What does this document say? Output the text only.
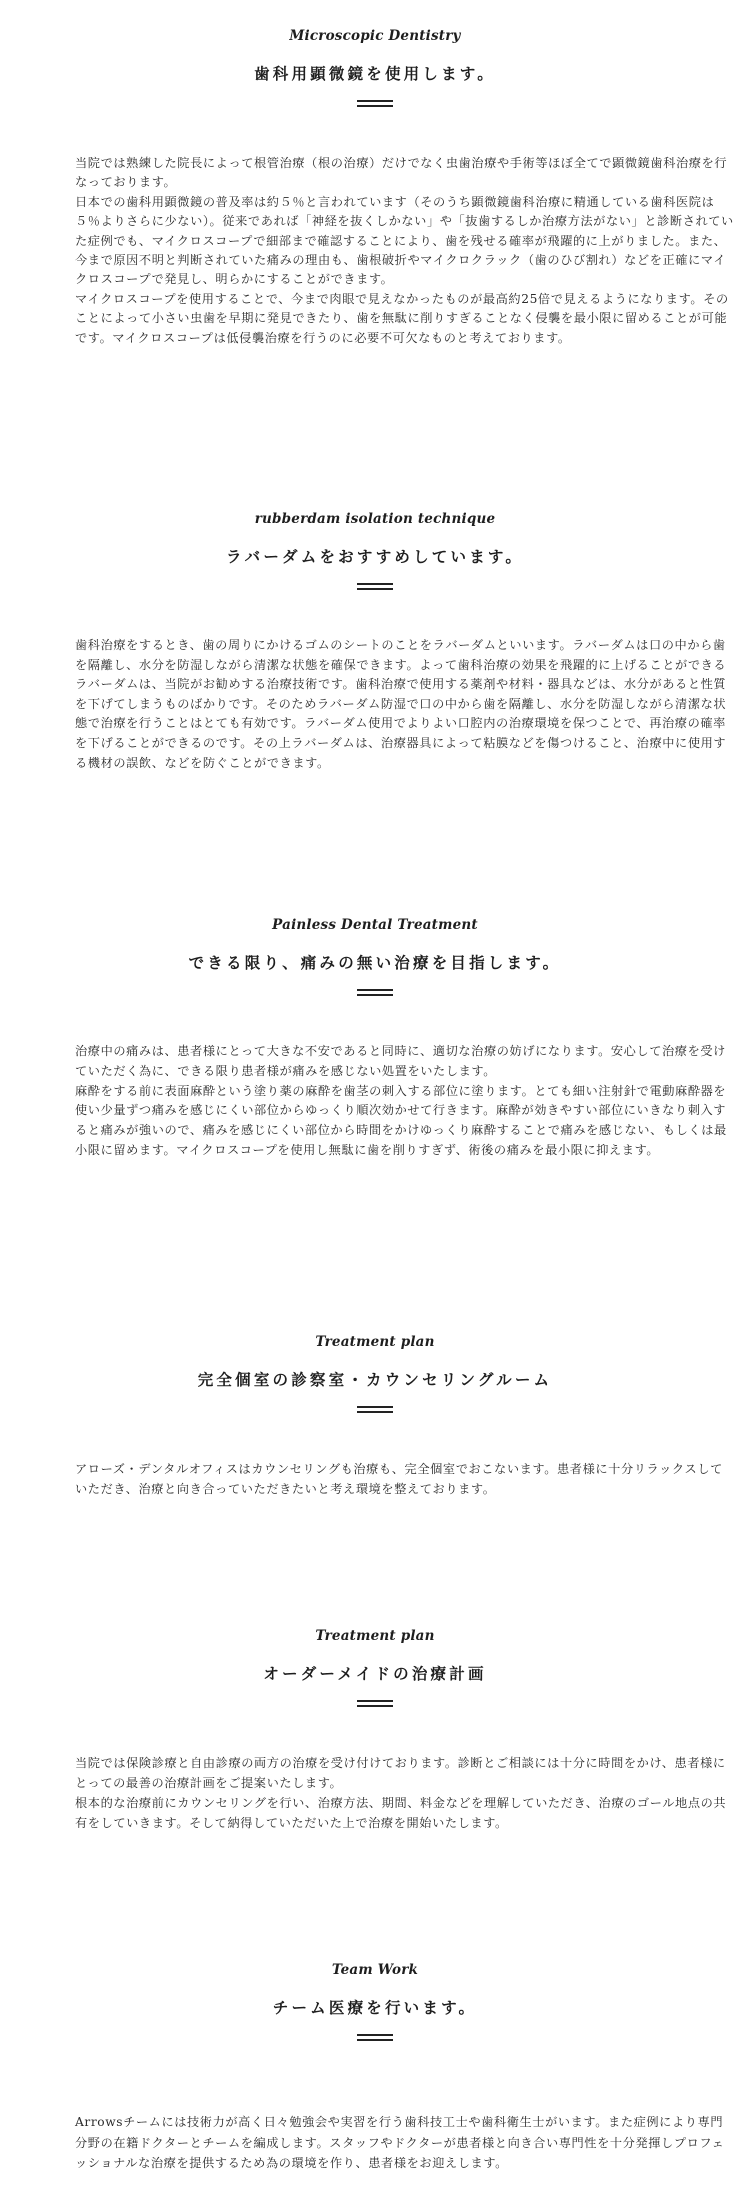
Microscopic Dentistry
歯科用顕微鏡を使用します。

当院では熟練した院長によって根管治療（根の治療）だけでなく虫歯治療や手術等ほぼ全てで顕微鏡歯科治療を行なっております。

日本での歯科用顕微鏡の普及率は約５％と言われています（そのうち顕微鏡歯科治療に精通している歯科医院は５％よりさらに少ない）。従来であれば「神経を抜くしかない」や「抜歯するしか治療方法がない」と診断されていた症例でも、マイクロスコープで細部まで確認することにより、歯を残せる確率が飛躍的に上がりました。また、今まで原因不明と判断されていた痛みの理由も、歯根破折やマイクロクラック（歯のひび割れ）などを正確にマイクロスコープで発見し、明らかにすることができます。

マイクロスコープを使用することで、今まで肉眼で見えなかったものが最高約25倍で見えるようになります。そのことによって小さい虫歯を早期に発見できたり、歯を無駄に削りすぎることなく侵襲を最小限に留めることが可能です。マイクロスコープは低侵襲治療を行うのに必要不可欠なものと考えております。

rubberdam isolation technique
ラバーダムをおすすめしています。

歯科治療をするとき、歯の周りにかけるゴムのシートのことをラバーダムといいます。ラバーダムは口の中から歯を隔離し、水分を防湿しながら清潔な状態を確保できます。よって歯科治療の効果を飛躍的に上げることができるラバーダムは、当院がお勧めする治療技術です。歯科治療で使用する薬剤や材料・器具などは、水分があると性質を下げてしまうものばかりです。そのためラバーダム防湿で口の中から歯を隔離し、水分を防湿しながら清潔な状態で治療を行うことはとても有効です。ラバーダム使用でよりよい口腔内の治療環境を保つことで、再治療の確率を下げることができるのです。その上ラバーダムは、治療器具によって粘膜などを傷つけること、治療中に使用する機材の誤飲、などを防ぐことができます。

Painless Dental Treatment
できる限り、痛みの無い治療を目指します。

治療中の痛みは、患者様にとって大きな不安であると同時に、適切な治療の妨げになります。安心して治療を受けていただく為に、できる限り患者様が痛みを感じない処置をいたします。

麻酔をする前に表面麻酔という塗り薬の麻酔を歯茎の刺入する部位に塗ります。とても細い注射針で電動麻酔器を使い少量ずつ痛みを感じにくい部位からゆっくり順次効かせて行きます。麻酔が効きやすい部位にいきなり刺入すると痛みが強いので、痛みを感じにくい部位から時間をかけゆっくり麻酔することで痛みを感じない、もしくは最小限に留めます。マイクロスコープを使用し無駄に歯を削りすぎず、術後の痛みを最小限に抑えます。

Treatment plan
完全個室の診察室・カウンセリングルーム

アローズ・デンタルオフィスはカウンセリングも治療も、完全個室でおこないます。患者様に十分リラックスしていただき、治療と向き合っていただきたいと考え環境を整えております。

Treatment plan
オーダーメイドの治療計画

当院では保険診療と自由診療の両方の治療を受け付けております。診断とご相談には十分に時間をかけ、患者様にとっての最善の治療計画をご提案いたします。

根本的な治療前にカウンセリングを行い、治療方法、期間、料金などを理解していただき、治療のゴール地点の共有をしていきます。そして納得していただいた上で治療を開始いたします。

Team Work
チーム医療を行います。

Arrowsチームには技術力が高く日々勉強会や実習を行う歯科技工士や歯科衛生士がいます。また症例により専門分野の在籍ドクターとチームを編成します。スタッフやドクターが患者様と向き合い専門性を十分発揮しプロフェッショナルな治療を提供するため為の環境を作り、患者様をお迎えします。
